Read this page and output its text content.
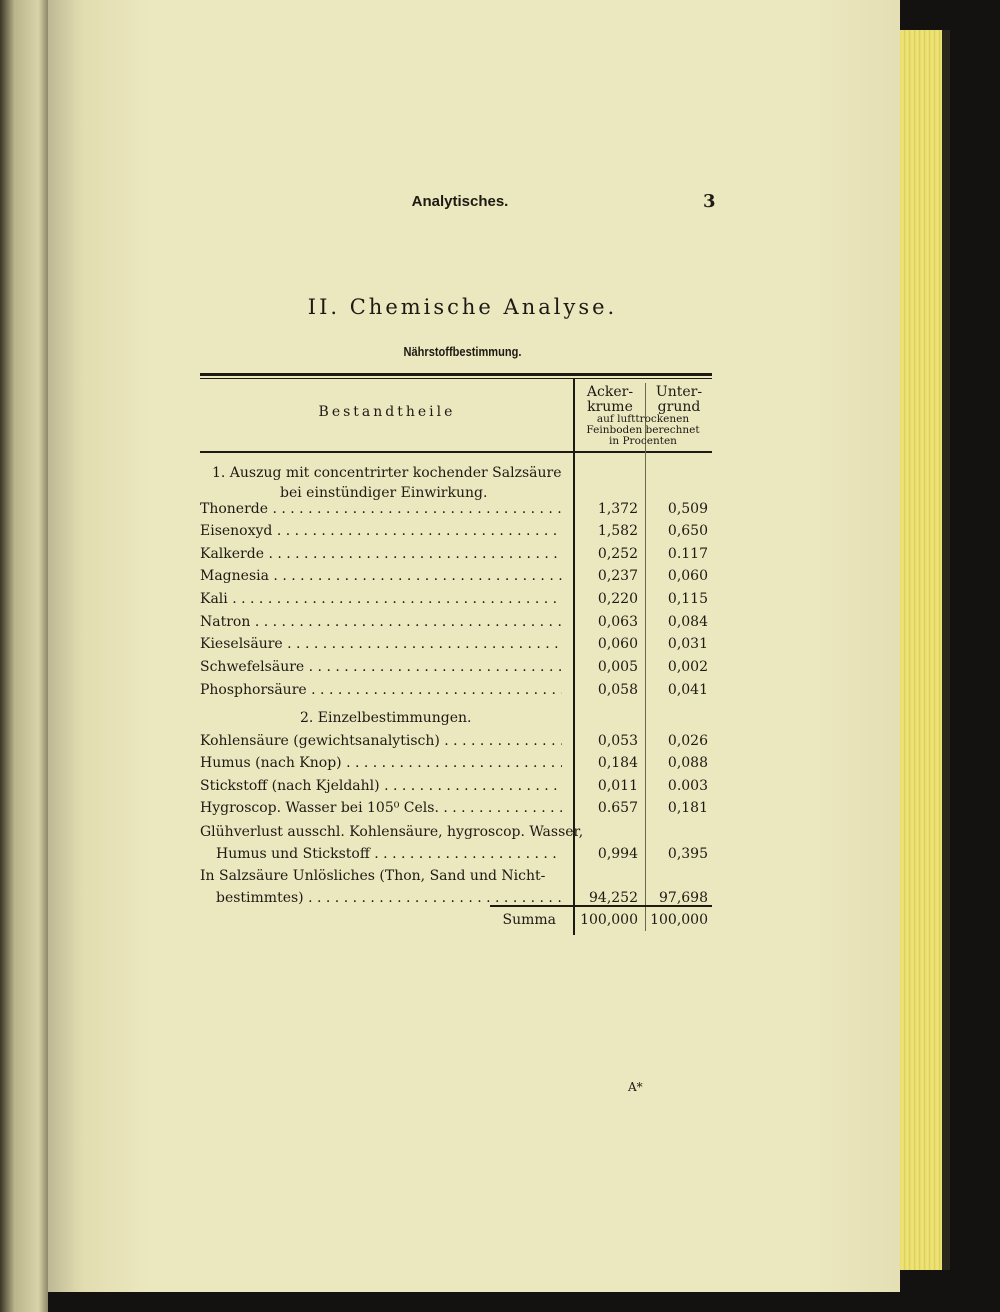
Analytisches.	3
II. Chemische Analyse.
Nährstoffbestimmung.
Bestandtheile
Acker-
krume
Unter-
grund
auf lufttrockenen
Feinboden berechnet
in Procenten
1. Auszug mit concentrirter kochender Salzsäure
bei einstündiger Einwirkung.
Thonerde . . .	1,372	0,509
Eisenoxyd . . .	1,582	0,650
Kalkerde . . .	0,252	0.117
Magnesia . . .	0,237	0,060
Kali . . .	0,220	0,115
Natron . . .	0,063	0,084
Kieselsäure . . .	0,060	0,031
Schwefelsäure . . .	0,005	0,002
Phosphorsäure . . .	0,058	0,041
2. Einzelbestimmungen.
Kohlensäure (gewichtsanalytisch) . . .	0,053	0,026
Humus (nach Knop) . . .	0,184	0,088
Stickstoff (nach Kjeldahl) . . .	0,011	0.003
Hygroscop. Wasser bei 105⁰ Cels. . . .	0.657	0,181
Glühverlust ausschl. Kohlensäure, hygroscop. Wasser,
Humus und Stickstoff . . .	0,994	0,395
In Salzsäure Unlösliches (Thon, Sand und Nicht-
bestimmtes) . . .	94,252	97,698
Summa 100,000 100,000
A*
